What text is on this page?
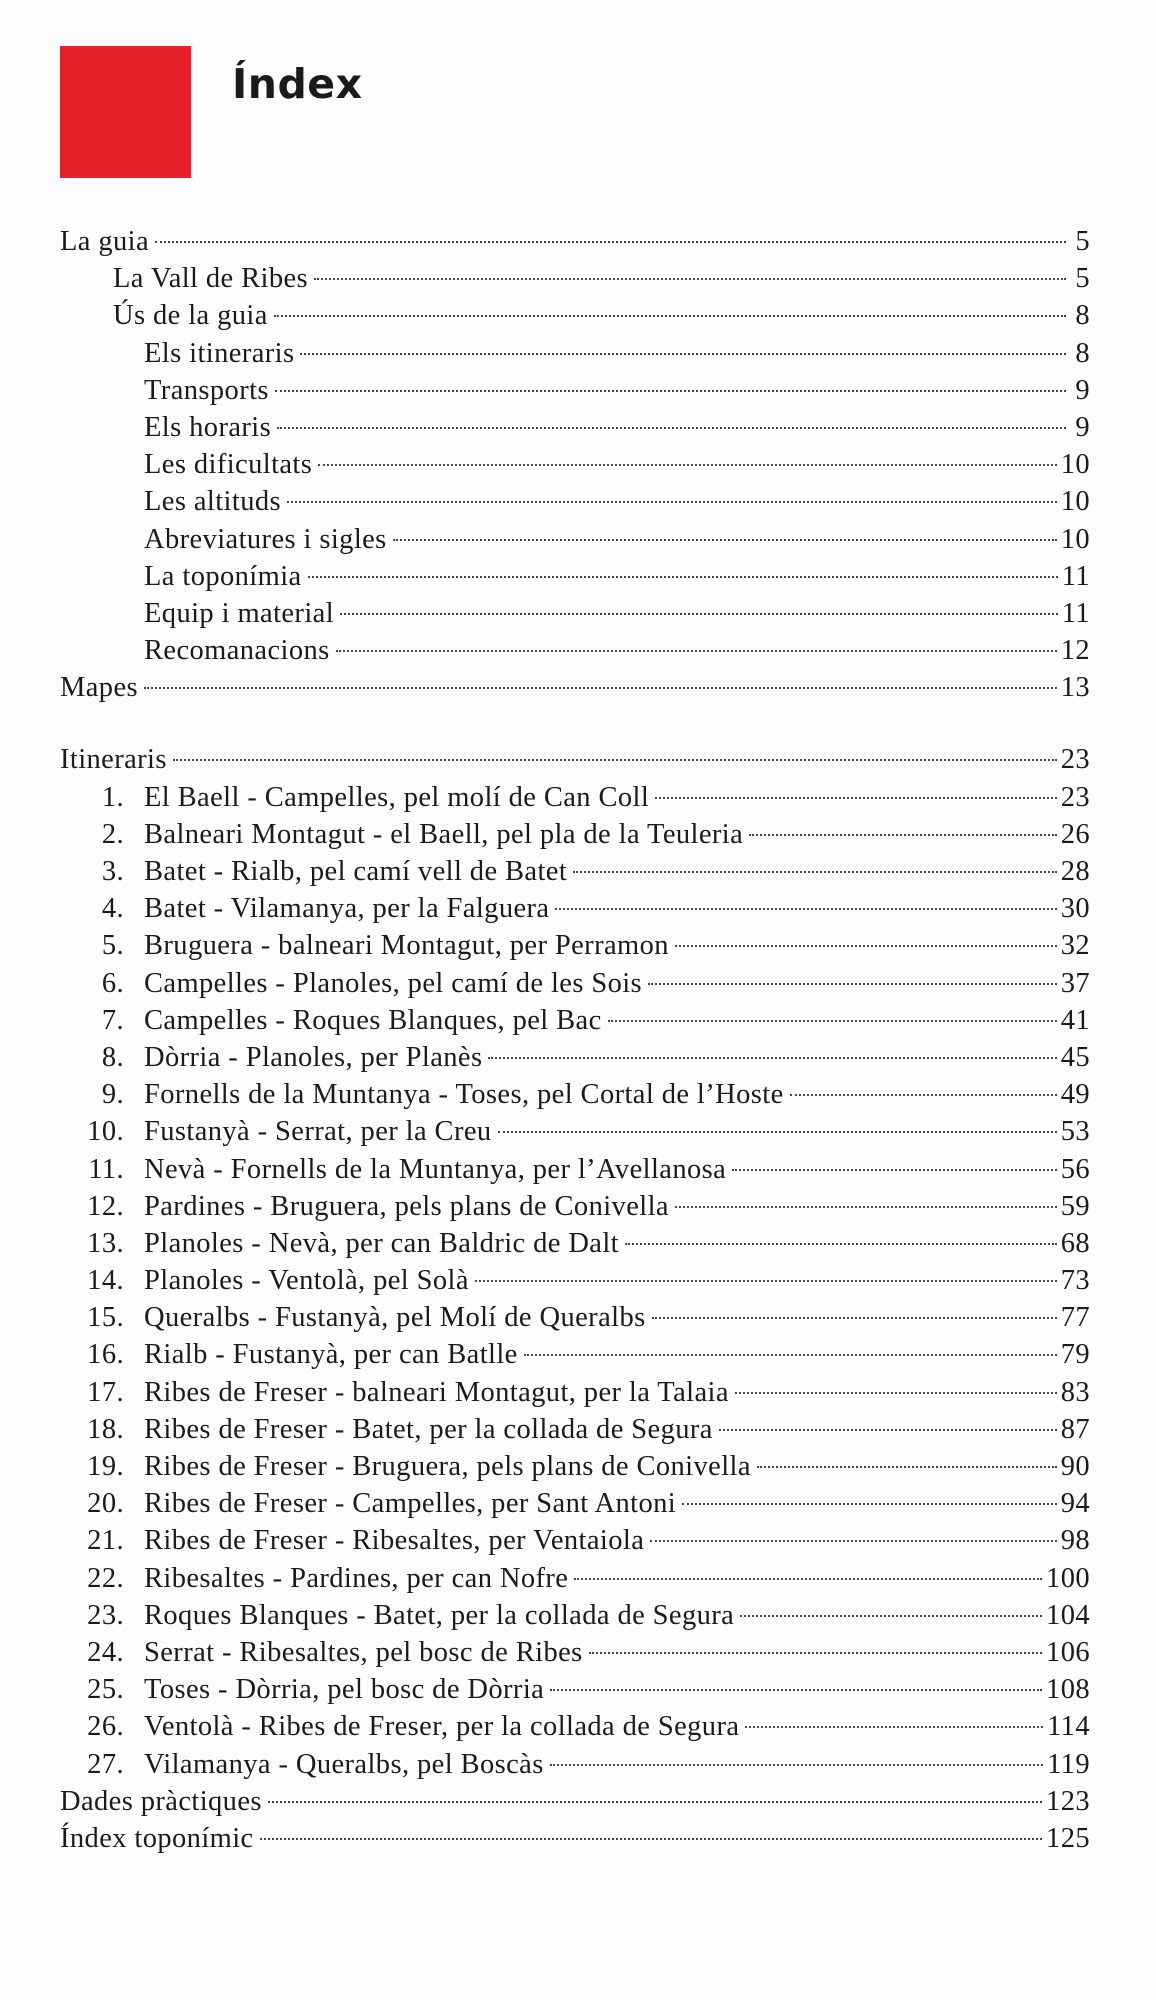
Índex
La guia	5
La Vall de Ribes	5
Ús de la guia	8
Els itineraris	8
Transports	9
Els horaris	9
Les dificultats	10
Les altituds	10
Abreviatures i sigles	10
La toponímia	11
Equip i material	11
Recomanacions	12
Mapes	13
Itineraris	23
1. El Baell - Campelles, pel molí de Can Coll	23
2. Balneari Montagut - el Baell, pel pla de la Teuleria	26
3. Batet - Rialb, pel camí vell de Batet	28
4. Batet - Vilamanya, per la Falguera	30
5. Bruguera - balneari Montagut, per Perramon	32
6. Campelles - Planoles, pel camí de les Sois	37
7. Campelles - Roques Blanques, pel Bac	41
8. Dòrria - Planoles, per Planès	45
9. Fornells de la Muntanya - Toses, pel Cortal de l’Hoste	49
10. Fustanyà - Serrat, per la Creu	53
11. Nevà - Fornells de la Muntanya, per l’Avellanosa	56
12. Pardines - Bruguera, pels plans de Conivella	59
13. Planoles - Nevà, per can Baldric de Dalt	68
14. Planoles - Ventolà, pel Solà	73
15. Queralbs - Fustanyà, pel Molí de Queralbs	77
16. Rialb - Fustanyà, per can Batlle	79
17. Ribes de Freser - balneari Montagut, per la Talaia	83
18. Ribes de Freser - Batet, per la collada de Segura	87
19. Ribes de Freser - Bruguera, pels plans de Conivella	90
20. Ribes de Freser - Campelles, per Sant Antoni	94
21. Ribes de Freser - Ribesaltes, per Ventaiola	98
22. Ribesaltes - Pardines, per can Nofre	100
23. Roques Blanques - Batet, per la collada de Segura	104
24. Serrat - Ribesaltes, pel bosc de Ribes	106
25. Toses - Dòrria, pel bosc de Dòrria	108
26. Ventolà - Ribes de Freser, per la collada de Segura	114
27. Vilamanya - Queralbs, pel Boscàs	119
Dades pràctiques	123
Índex toponímic	125
